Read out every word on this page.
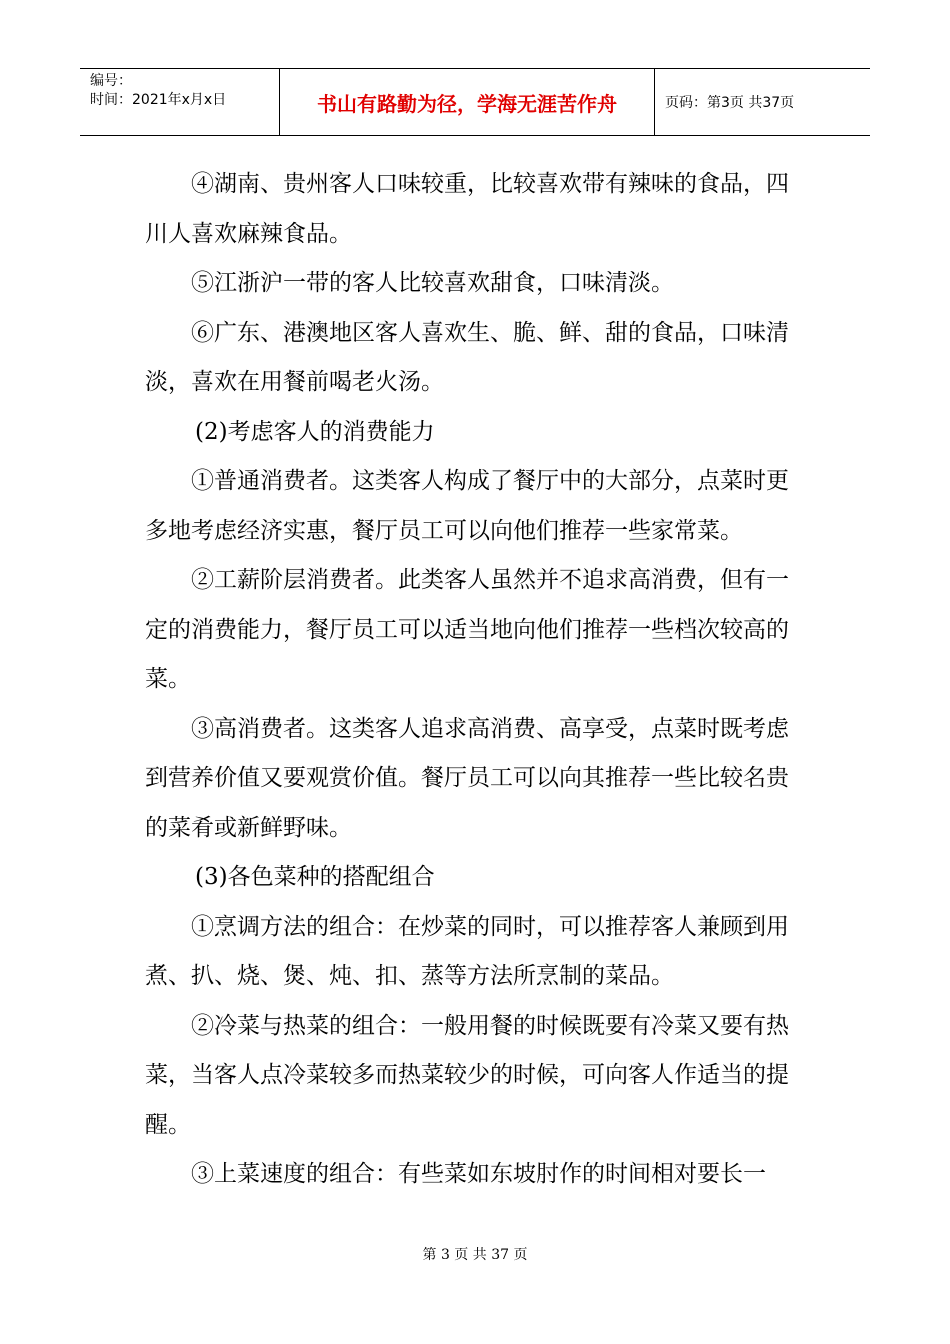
编号：
时间：2021年x月x日	书山有路勤为径，学海无涯苦作舟	页码：第3页 共37页

④湖南、贵州客人口味较重，比较喜欢带有辣味的食品，四川人喜欢麻辣食品。

⑤江浙沪一带的客人比较喜欢甜食，口味清淡。

⑥广东、港澳地区客人喜欢生、脆、鲜、甜的食品，口味清淡，喜欢在用餐前喝老火汤。

(2)考虑客人的消费能力

①普通消费者。这类客人构成了餐厅中的大部分，点菜时更多地考虑经济实惠，餐厅员工可以向他们推荐一些家常菜。

②工薪阶层消费者。此类客人虽然并不追求高消费，但有一定的消费能力，餐厅员工可以适当地向他们推荐一些档次较高的菜。

③高消费者。这类客人追求高消费、高享受，点菜时既考虑到营养价值又要观赏价值。餐厅员工可以向其推荐一些比较名贵的菜肴或新鲜野味。

(3)各色菜种的搭配组合

①烹调方法的组合：在炒菜的同时，可以推荐客人兼顾到用煮、扒、烧、煲、炖、扣、蒸等方法所烹制的菜品。

②冷菜与热菜的组合：一般用餐的时候既要有冷菜又要有热菜，当客人点冷菜较多而热菜较少的时候，可向客人作适当的提醒。

③上菜速度的组合：有些菜如东坡肘作的时间相对要长一

第 3 页 共 37 页
